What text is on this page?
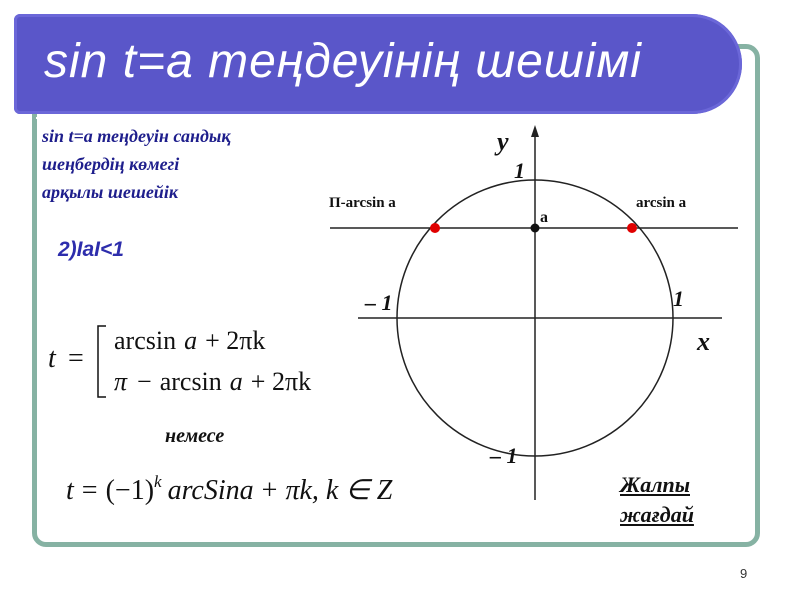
sin t=a теңдеуінің шешімі
sin t=a теңдеуін сандық
шеңбердің көмегі
арқылы шешейік
2)IaI<1
y
x
1
– 1
– 1	1
a
П-arcsin a	arcsin a
t =
arcsin a + 2πk
π − arcsin a + 2πk
$t = (-1)^k$ arcSina + πk, k ∈ Z
немесе
Жалпы
жағдай
9
